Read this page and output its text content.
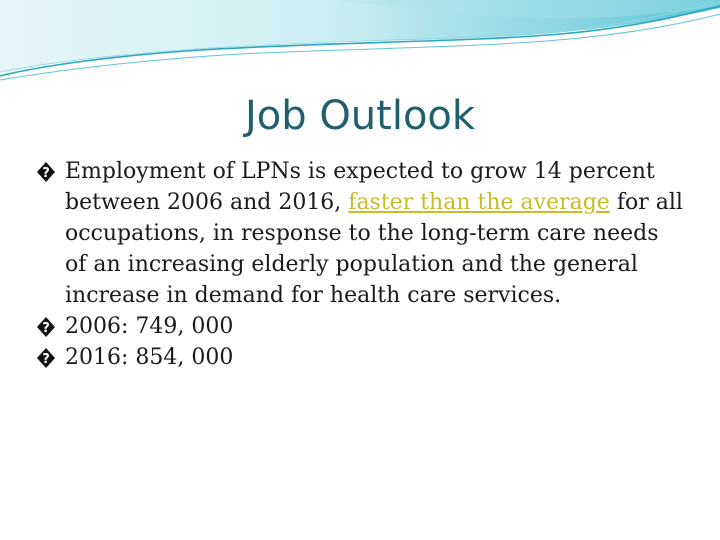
Job Outlook

? Employment of LPNs is expected to grow 14 percent between 2006 and 2016, faster than the average for all occupations, in response to the long-term care needs of an increasing elderly population and the general increase in demand for health care services.

? 2006: 749, 000

? 2016: 854, 000
